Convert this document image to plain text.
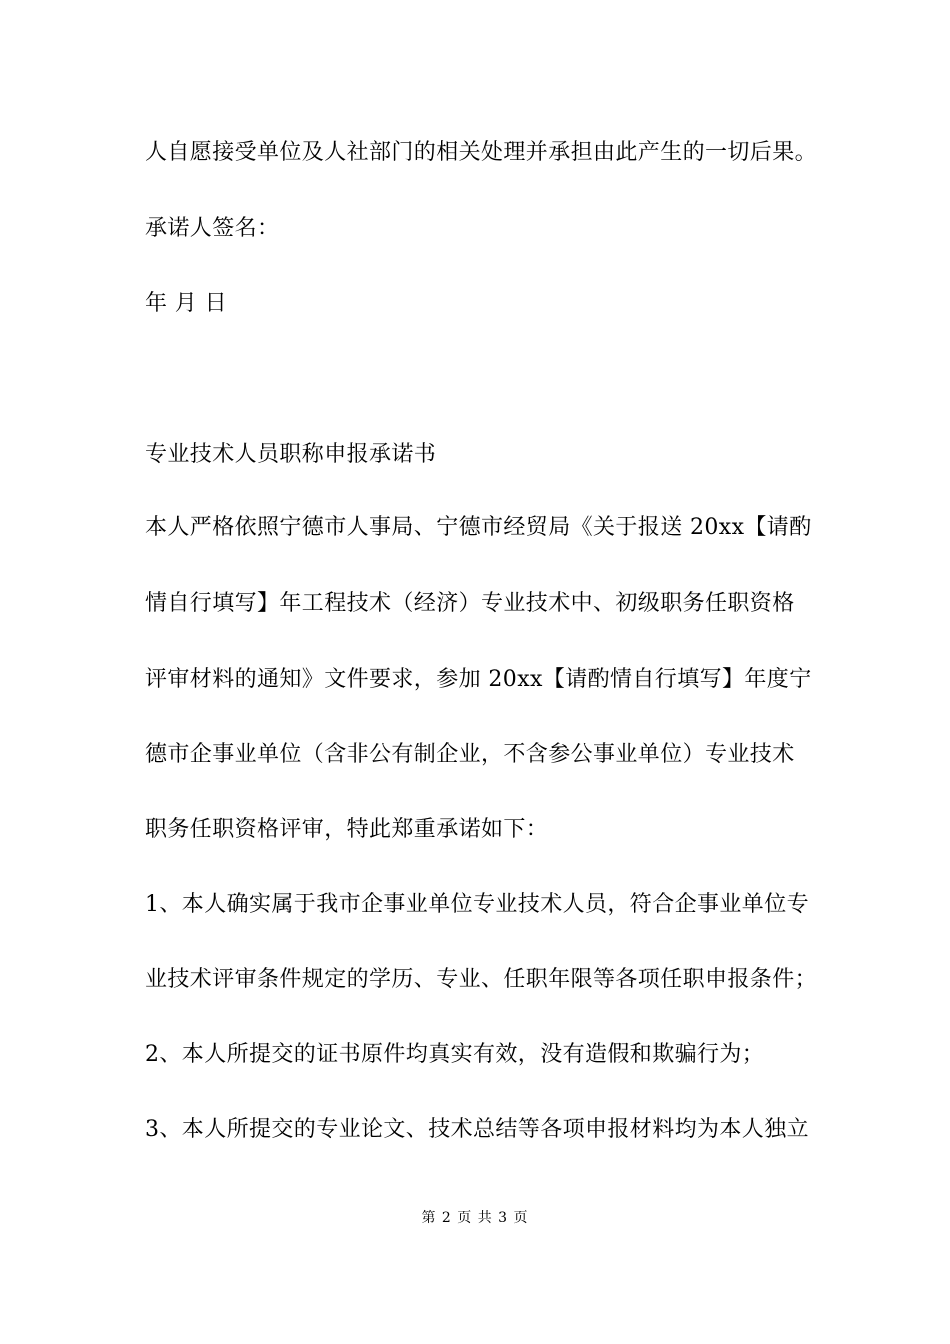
人自愿接受单位及人社部门的相关处理并承担由此产生的一切后果。
承诺人签名：
年 月 日
专业技术人员职称申报承诺书
本人严格依照宁德市人事局、宁德市经贸局《关于报送 20xx【请酌
情自行填写】年工程技术（经济）专业技术中、初级职务任职资格
评审材料的通知》文件要求，参加 20xx【请酌情自行填写】年度宁
德市企事业单位（含非公有制企业，不含参公事业单位）专业技术
职务任职资格评审，特此郑重承诺如下：
1、本人确实属于我市企事业单位专业技术人员，符合企事业单位专
业技术评审条件规定的学历、专业、任职年限等各项任职申报条件；
2、本人所提交的证书原件均真实有效，没有造假和欺骗行为；
3、本人所提交的专业论文、技术总结等各项申报材料均为本人独立
第 2 页 共 3 页
